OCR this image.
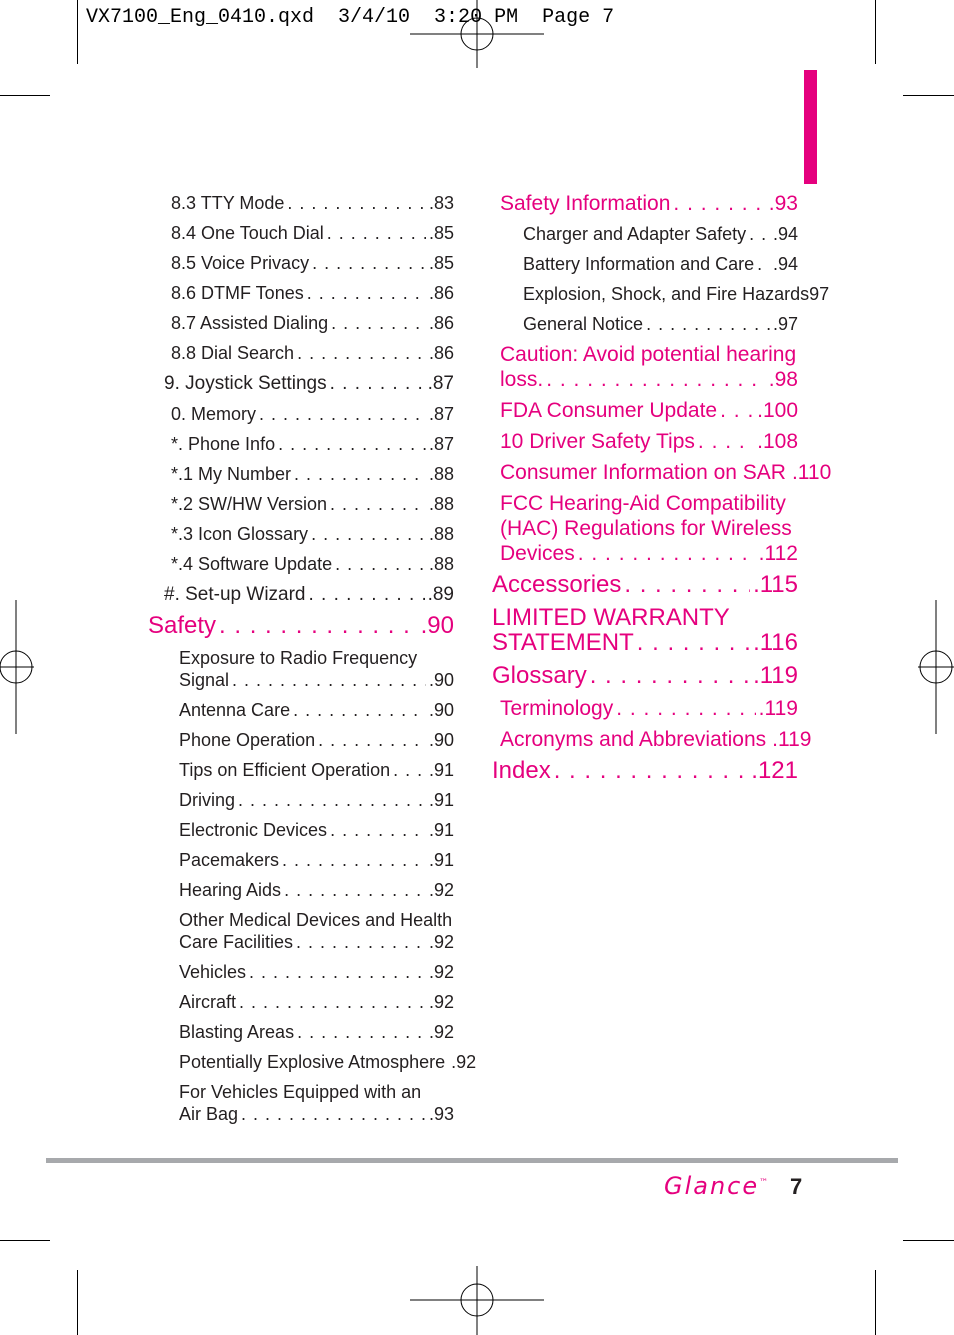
VX7100_Eng_0410.qxd  3/4/10  3:20 PM  Page 7
8.3 TTY Mode . . .	.83
8.4 One Touch Dial . . .	.85
8.5 Voice Privacy . . .	.85
8.6 DTMF Tones . . .	.86
8.7 Assisted Dialing . . .	.86
8.8 Dial Search . . .	.86
9. Joystick Settings . . .	.87
0. Memory . . .	.87
*. Phone Info . . .	.87
*.1 My Number . . .	.88
*.2 SW/HW Version . . .	.88
*.3 Icon Glossary . . .	.88
*.4 Software Update . . .	.88
#. Set-up Wizard . . .	.89
Safety . . .	.90
Exposure to Radio Frequency
Signal . . .	.90
Antenna Care . . .	.90
Phone Operation . . .	.90
Tips on Efficient Operation . . . .91
Driving . . .	.91
Electronic Devices . . .	.91
Pacemakers . . .	.91
Hearing Aids . . .	.92
Other Medical Devices and Health
Care Facilities . . .	.92
Vehicles . . .	.92
Aircraft . . .	.92
Blasting Areas . . .	.92
Potentially Explosive Atmosphere .92
For Vehicles Equipped with an
Air Bag . . .	.93
Safety Information . . .	.93
Charger and Adapter Safety . . . .94
Battery Information and Care . . . .94
Explosion, Shock, and Fire Hazards97
General Notice . . .	.97
Caution: Avoid potential hearing
loss. . . .	.98
FDA Consumer Update . . . .100
10 Driver Safety Tips . . .	.108
Consumer Information on SAR .110
FCC Hearing-Aid Compatibility
(HAC) Regulations for Wireless
Devices . . .	.112
Accessories . . .	.115
LIMITED WARRANTY
STATEMENT . . .	.116
Glossary . . .	.119
Terminology . . .	.119
Acronyms and Abbreviations .119
Index . . .	.121
Glance™ 7
